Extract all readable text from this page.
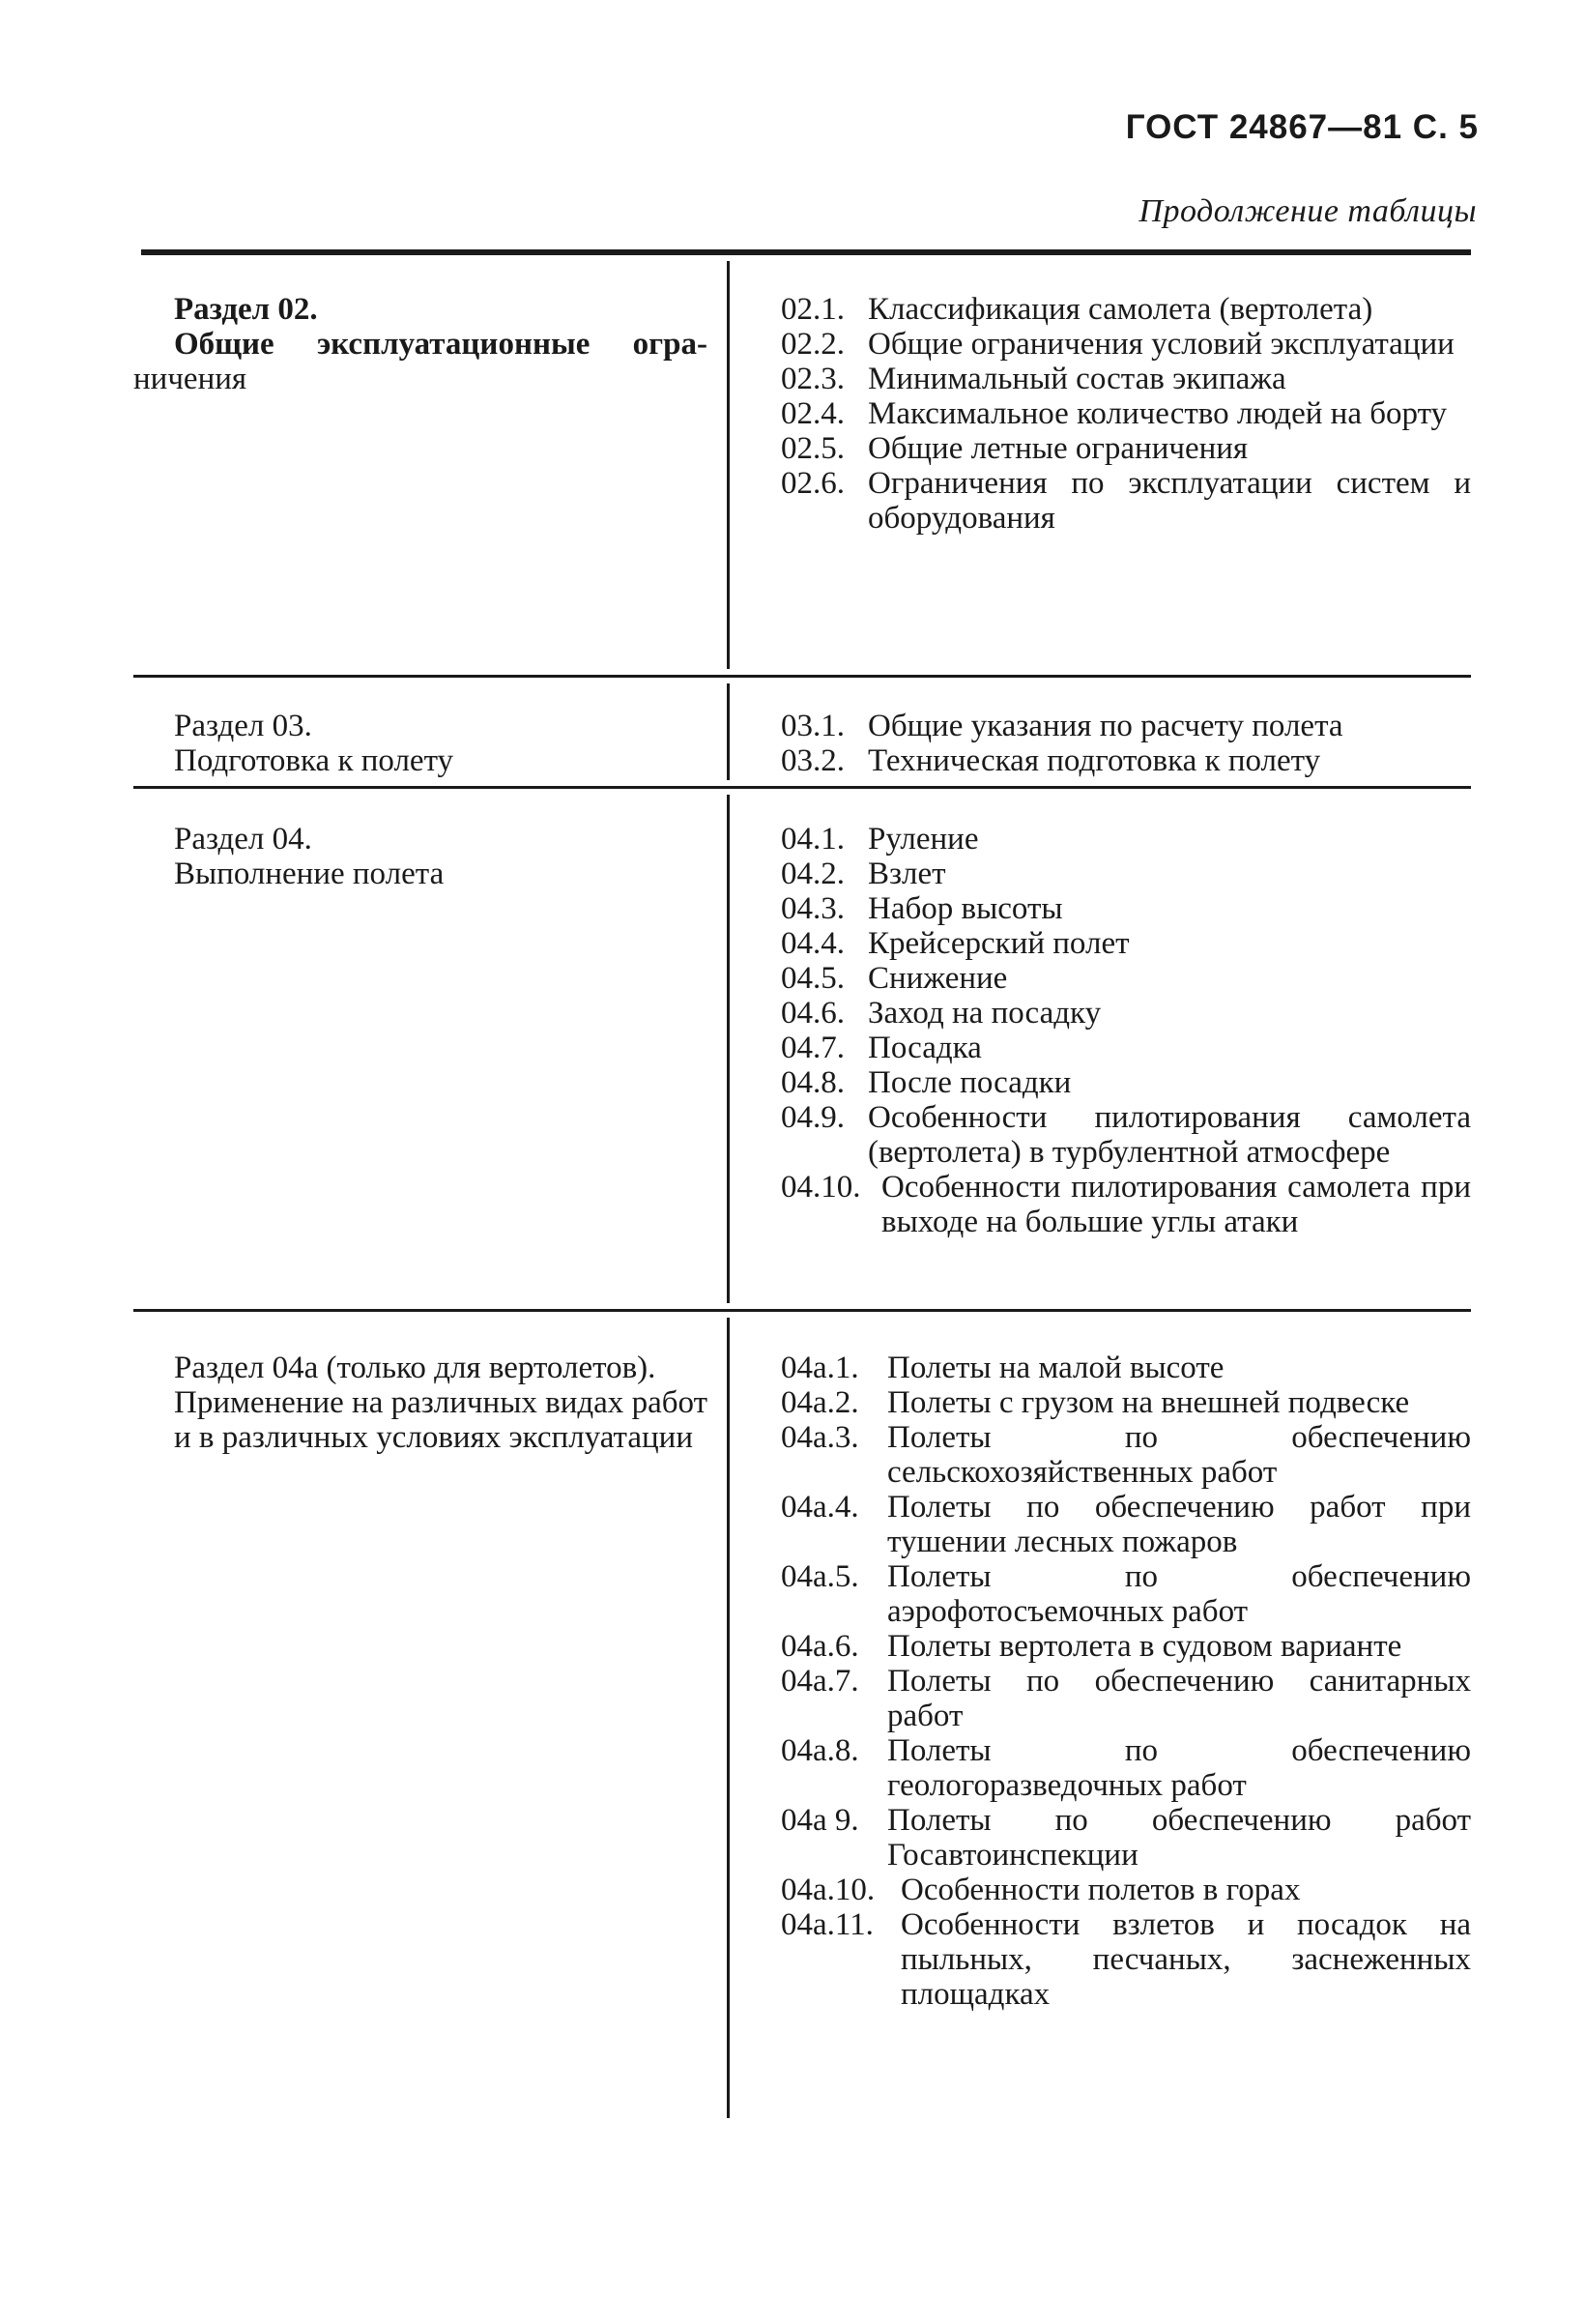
ГОСТ 24867—81 С. 5
Продолжение таблицы

Раздел 02.

Общие эксплуатационные огра-

ничения

02.1. Классификация самолета (вертолета)
02.2. Общие ограничения условий эксплуатации
02.3. Минимальный состав экипажа
02.4. Максимальное количество людей на борту
02.5. Общие летные ограничения
02.6. Ограничения по эксплуатации систем и оборудования

Раздел 03.

Подготовка к полету

03.1. Общие указания по расчету полета
03.2. Техническая подготовка к полету

Раздел 04.

Выполнение полета

04.1. Руление
04.2. Взлет
04.3. Набор высоты
04.4. Крейсерский полет
04.5. Снижение
04.6. Заход на посадку
04.7. Посадка
04.8. После посадки
04.9. Особенности пилотирования самолета (вертолета) в турбулентной атмосфере
04.10. Особенности пилотирования самолета при выходе на большие углы атаки

Раздел 04а (только для вертолетов).

Применение на различных видах работ и в различных условиях эксплуатации

04а.1. Полеты на малой высоте
04а.2. Полеты с грузом на внешней подвеске
04а.3. Полеты по обеспечению сельскохозяйственных работ
04а.4. Полеты по обеспечению работ при тушении лесных пожаров
04а.5. Полеты по обеспечению аэрофотосъемочных работ
04а.6. Полеты вертолета в судовом варианте
04а.7. Полеты по обеспечению санитарных работ
04а.8. Полеты по обеспечению геологоразведочных работ
04а 9. Полеты по обеспечению работ Госавтоинспекции
04а.10. Особенности полетов в горах
04а.11. Особенности взлетов и посадок на пыльных, песчаных, заснеженных площадках
